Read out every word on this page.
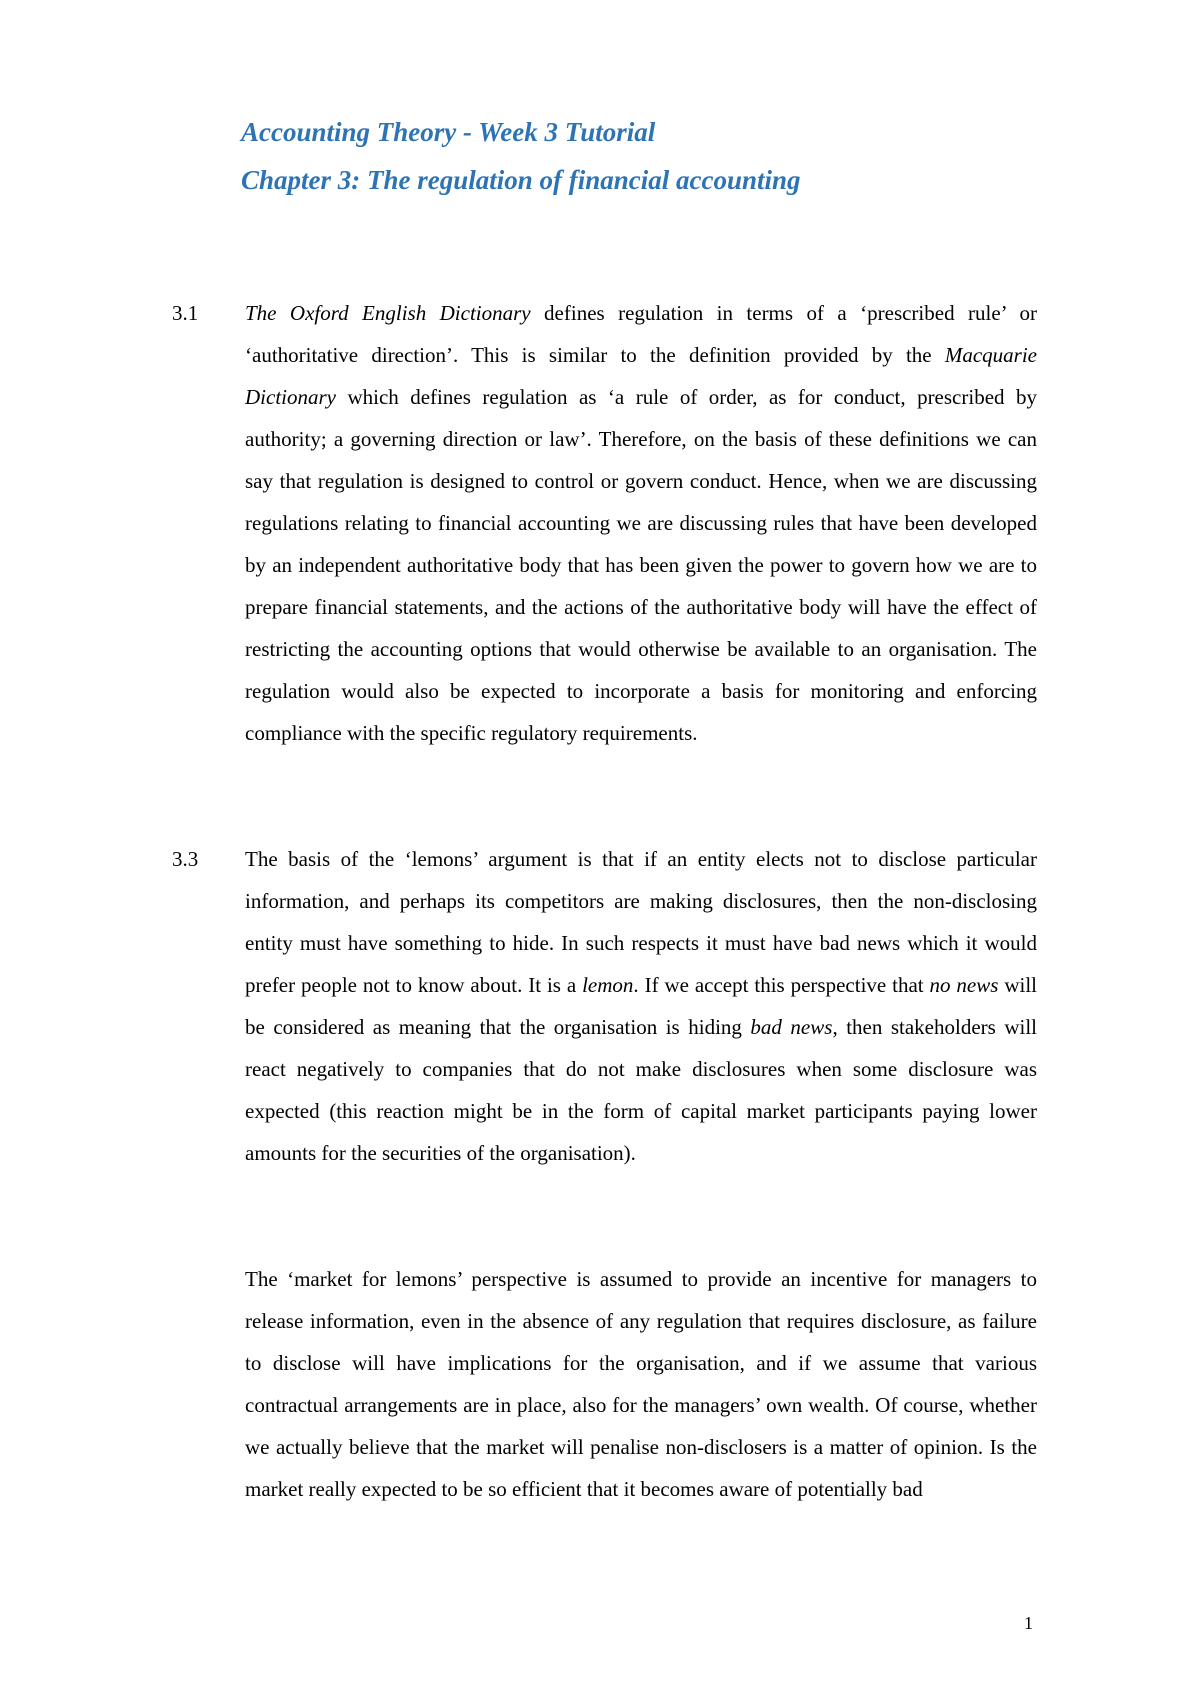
Accounting Theory - Week 3 Tutorial

Chapter 3: The regulation of financial accounting

3.1 The Oxford English Dictionary defines regulation in terms of a ‘prescribed rule’ or ‘authoritative direction’. This is similar to the definition provided by the Macquarie Dictionary which defines regulation as ‘a rule of order, as for conduct, prescribed by authority; a governing direction or law’. Therefore, on the basis of these definitions we can say that regulation is designed to control or govern conduct. Hence, when we are discussing regulations relating to financial accounting we are discussing rules that have been developed by an independent authoritative body that has been given the power to govern how we are to prepare financial statements, and the actions of the authoritative body will have the effect of restricting the accounting options that would otherwise be available to an organisation. The regulation would also be expected to incorporate a basis for monitoring and enforcing compliance with the specific regulatory requirements.

3.3 The basis of the ‘lemons’ argument is that if an entity elects not to disclose particular information, and perhaps its competitors are making disclosures, then the non-disclosing entity must have something to hide. In such respects it must have bad news which it would prefer people not to know about. It is a lemon. If we accept this perspective that no news will be considered as meaning that the organisation is hiding bad news, then stakeholders will react negatively to companies that do not make disclosures when some disclosure was expected (this reaction might be in the form of capital market participants paying lower amounts for the securities of the organisation).

The ‘market for lemons’ perspective is assumed to provide an incentive for managers to release information, even in the absence of any regulation that requires disclosure, as failure to disclose will have implications for the organisation, and if we assume that various contractual arrangements are in place, also for the managers’ own wealth. Of course, whether we actually believe that the market will penalise non-disclosers is a matter of opinion. Is the market really expected to be so efficient that it becomes aware of potentially bad

1
